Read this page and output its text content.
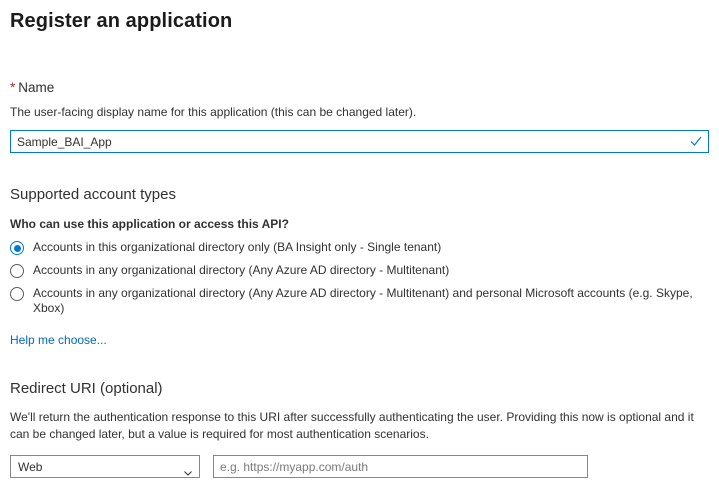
Register an application
* Name
The user-facing display name for this application (this can be changed later).
Sample_BAI_App
Supported account types
Who can use this application or access this API?
Accounts in this organizational directory only (BA Insight only - Single tenant)
Accounts in any organizational directory (Any Azure AD directory - Multitenant)
Accounts in any organizational directory (Any Azure AD directory - Multitenant) and personal Microsoft accounts (e.g. Skype, Xbox)
Help me choose...
Redirect URI (optional)
We'll return the authentication response to this URI after successfully authenticating the user. Providing this now is optional and it can be changed later, but a value is required for most authentication scenarios.
Web
e.g. https://myapp.com/auth
